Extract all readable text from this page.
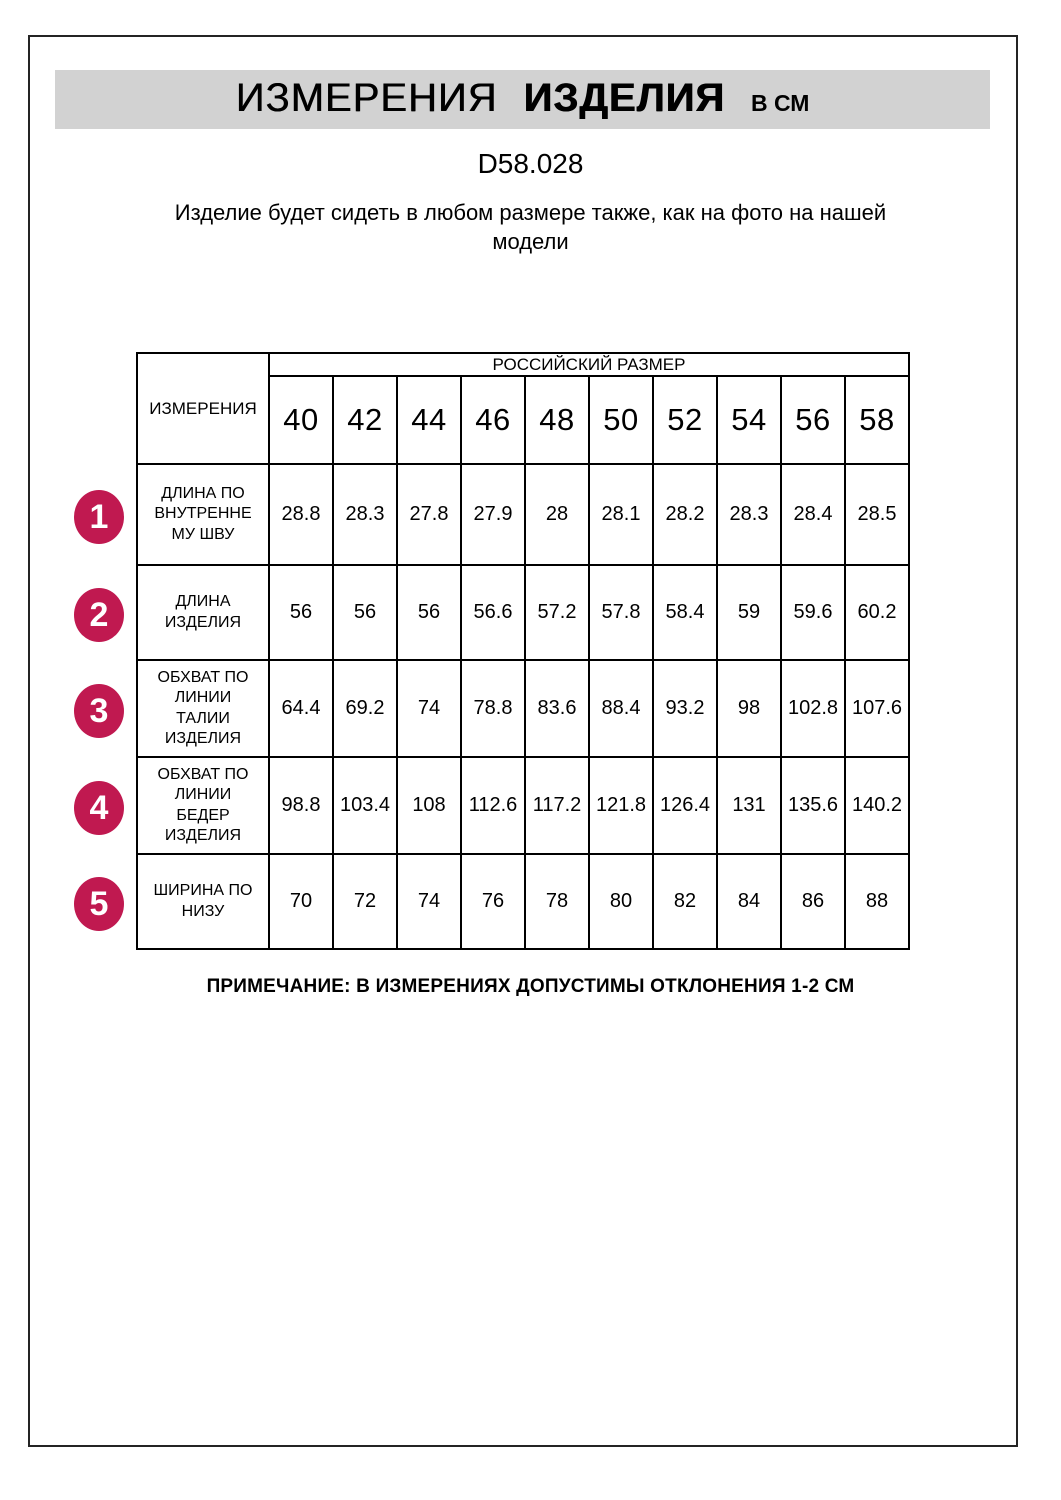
ИЗМЕРЕНИЯ ИЗДЕЛИЯ В СМ
D58.028
Изделие будет сидеть в любом размере также, как на фото на нашей модели
ИЗМЕРЕНИЯ	РОССИЙСКИЙ РАЗМЕР									
	40	42	44	46	48	50	52	54	56	58
ДЛИНА ПО ВНУТРЕННЕМУ ШВУ	28.8	28.3	27.8	27.9	28	28.1	28.2	28.3	28.4	28.5
ДЛИНА ИЗДЕЛИЯ	56	56	56	56.6	57.2	57.8	58.4	59	59.6	60.2
ОБХВАТ ПО ЛИНИИ ТАЛИИ ИЗДЕЛИЯ	64.4	69.2	74	78.8	83.6	88.4	93.2	98	102.8	107.6
ОБХВАТ ПО ЛИНИИ БЕДЕР ИЗДЕЛИЯ	98.8	103.4	108	112.6	117.2	121.8	126.4	131	135.6	140.2
ШИРИНА ПО НИЗУ	70	72	74	76	78	80	82	84	86	88
1
2
3
4
5
ПРИМЕЧАНИЕ: В ИЗМЕРЕНИЯХ ДОПУСТИМЫ ОТКЛОНЕНИЯ 1-2 СМ
